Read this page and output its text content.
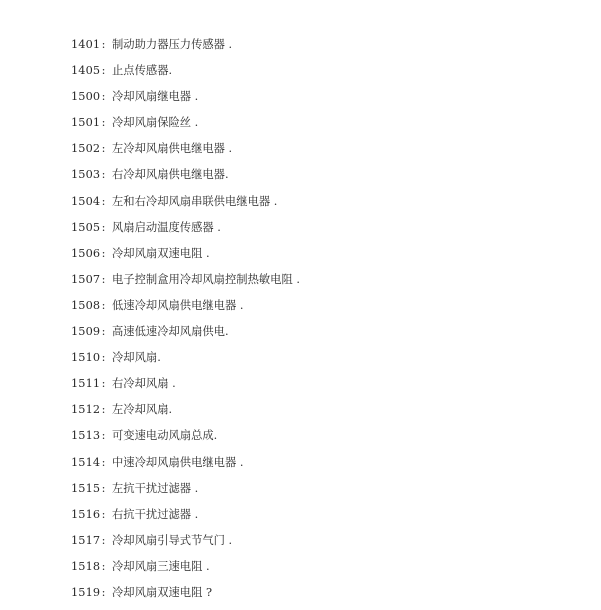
1401: 制动助力器压力传感器 .
1405: 止点传感器.
1500: 冷却风扇继电器 .
1501: 冷却风扇保险丝 .
1502: 左冷却风扇供电继电器 .
1503: 右冷却风扇供电继电器.
1504: 左和右冷却风扇串联供电继电器 .
1505: 风扇启动温度传感器 .
1506: 冷却风扇双速电阻 .
1507: 电子控制盒用冷却风扇控制热敏电阻 .
1508: 低速冷却风扇供电继电器 .
1509: 高速低速冷却风扇供电.
1510: 冷却风扇.
1511: 右冷却风扇 .
1512: 左冷却风扇.
1513: 可变速电动风扇总成.
1514: 中速冷却风扇供电继电器 .
1515: 左抗干扰过滤器 .
1516: 右抗干扰过滤器 .
1517: 冷却风扇引导式节气门 .
1518: 冷却风扇三速电阻 .
1519: 冷却风扇双速电阻 ?
